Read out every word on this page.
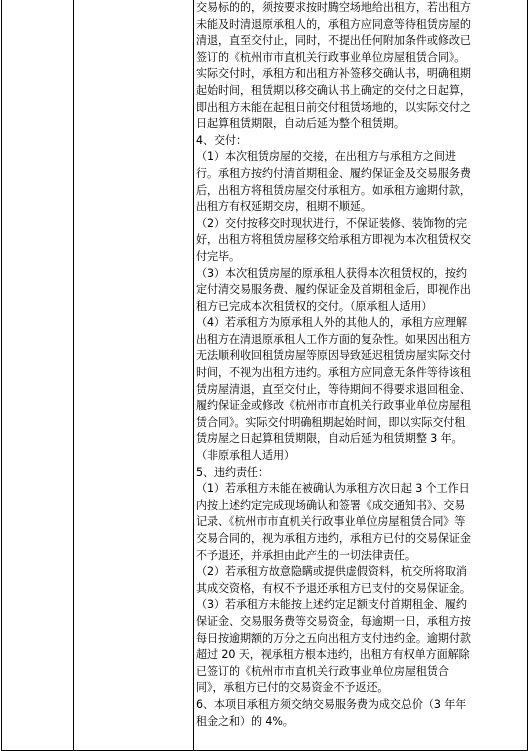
交易标的的，须按要求按时腾空场地给出租方，若出租方

未能及时清退原承租人的，承租方应同意等待租赁房屋的

清退，直至交付止，同时，不提出任何附加条件或修改已

签订的《杭州市市直机关行政事业单位房屋租赁合同》。

实际交付时，承租方和出租方补签移交确认书，明确租期

起始时间，租赁期以移交确认书上确定的交付之日起算，

即出租方未能在起租日前交付租赁场地的，以实际交付之

日起算租赁期限，自动后延为整个租赁期。

4、交付：

（1）本次租赁房屋的交接，在出租方与承租方之间进

行。承租方按约付清首期租金、履约保证金及交易服务费

后，出租方将租赁房屋交付承租方。如承租方逾期付款，

出租方有权延期交房，租期不顺延。

（2）交付按移交时现状进行，不保证装修、装饰物的完

好，出租方将租赁房屋移交给承租方即视为本次租赁权交

付完毕。

（3）本次租赁房屋的原承租人获得本次租赁权的，按约

定付清交易服务费、履约保证金及首期租金后，即视作出

租方已完成本次租赁权的交付。（原承租人适用）

（4）若承租方为原承租人外的其他人的，承租方应理解

出租方在清退原承租人工作方面的复杂性。如果因出租方

无法顺利收回租赁房屋等原因导致延迟租赁房屋实际交付

时间，不视为出租方违约。承租方应同意无条件等待该租

赁房屋清退，直至交付止，等待期间不得要求退回租金、

履约保证金或修改《杭州市市直机关行政事业单位房屋租

赁合同》。实际交付明确租期起始时间，即以实际交付租

赁房屋之日起算租赁期限，自动后延为租赁期整 3 年。

（非原承租人适用）

5、违约责任：

（1）若承租方未能在被确认为承租方次日起 3 个工作日

内按上述约定完成现场确认和签署《成交通知书》、交易

记录、《杭州市市直机关行政事业单位房屋租赁合同》等

交易合同的，视为承租方违约，承租方已付的交易保证金

不予退还，并承担由此产生的一切法律责任。

（2）若承租方故意隐瞒或提供虚假资料，杭交所将取消

其成交资格，有权不予退还承租方已支付的交易保证金。

（3）若承租方未能按上述约定足额支付首期租金、履约

保证金、交易服务费等交易资金，每逾期一日，承租方按

每日按逾期额的万分之五向出租方支付违约金。逾期付款

超过 20 天，视承租方根本违约，出租方有权单方面解除

已签订的《杭州市市直机关行政事业单位房屋租赁合

同》，承租方已付的交易资金不予返还。

6、本项目承租方须交纳交易服务费为成交总价（3 年年

租金之和）的 4%。
